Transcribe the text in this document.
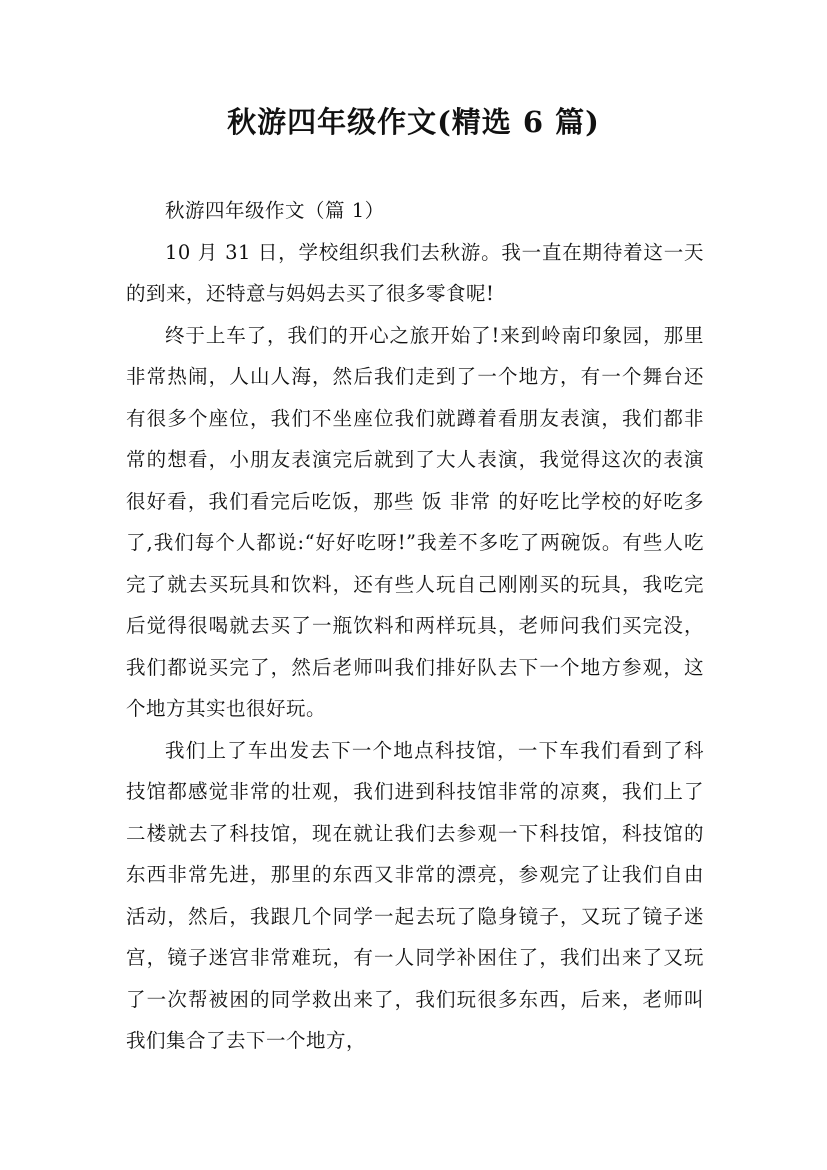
秋游四年级作文(精选 6 篇)

秋游四年级作文（篇 1）

10 月 31 日，学校组织我们去秋游。我一直在期待着这一天的到来，还特意与妈妈去买了很多零食呢!

终于上车了，我们的开心之旅开始了!来到岭南印象园，那里非常热闹，人山人海，然后我们走到了一个地方，有一个舞台还有很多个座位，我们不坐座位我们就蹲着看朋友表演，我们都非常的想看，小朋友表演完后就到了大人表演，我觉得这次的表演很好看，我们看完后吃饭，那些 饭 非常 的好吃比学校的好吃多了,我们每个人都说:“好好吃呀!”我差不多吃了两碗饭。有些人吃完了就去买玩具和饮料，还有些人玩自己刚刚买的玩具，我吃完后觉得很喝就去买了一瓶饮料和两样玩具，老师问我们买完没，我们都说买完了，然后老师叫我们排好队去下一个地方参观，这个地方其实也很好玩。

我们上了车出发去下一个地点科技馆，一下车我们看到了科技馆都感觉非常的壮观，我们进到科技馆非常的凉爽，我们上了二楼就去了科技馆，现在就让我们去参观一下科技馆，科技馆的东西非常先进，那里的东西又非常的漂亮，参观完了让我们自由活动，然后，我跟几个同学一起去玩了隐身镜子，又玩了镜子迷宫，镜子迷宫非常难玩，有一人同学补困住了，我们出来了又玩了一次帮被困的同学救出来了，我们玩很多东西，后来，老师叫我们集合了去下一个地方，
